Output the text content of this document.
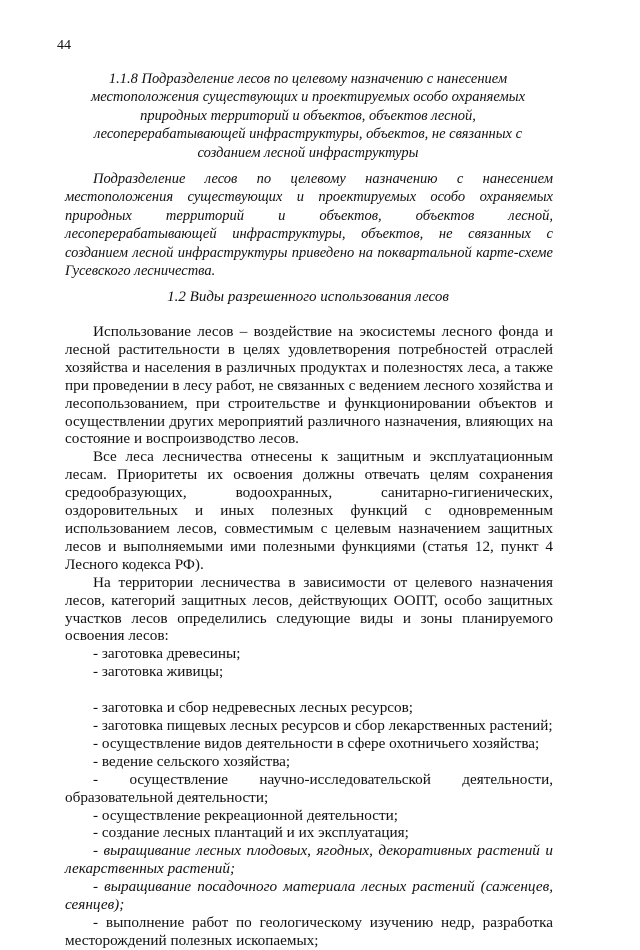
44
1.1.8 Подразделение лесов по целевому назначению с нанесением местоположения существующих и проектируемых особо охраняемых природных территорий и объектов, объектов лесной, лесоперерабатывающей инфраструктуры, объектов, не связанных с созданием лесной инфраструктуры

Подразделение лесов по целевому назначению с нанесением местоположения существующих и проектируемых особо охраняемых природных территорий и объектов, объектов лесной, лесоперерабатывающей инфраструктуры, объектов, не связанных с созданием лесной инфраструктуры приведено на поквартальной карте-схеме Гусевского лесничества.

1.2 Виды разрешенного использования лесов

Использование лесов – воздействие на экосистемы лесного фонда и лесной растительности в целях удовлетворения потребностей отраслей хозяйства и населения в различных продуктах и полезностях леса, а также при проведении в лесу работ, не связанных с ведением лесного хозяйства и лесопользованием, при строительстве и функционировании объектов и осуществлении других мероприятий различного назначения, влияющих на состояние и воспроизводство лесов.

Все леса лесничества отнесены к защитным и эксплуатационным лесам. Приоритеты их освоения должны отвечать целям сохранения средообразующих, водоохранных, санитарно-гигиенических, оздоровительных и иных полезных функций с одновременным использованием лесов, совместимым с целевым назначением защитных лесов и выполняемыми ими полезными функциями (статья 12, пункт 4 Лесного кодекса РФ).

На территории лесничества в зависимости от целевого назначения лесов, категорий защитных лесов, действующих ООПТ, особо защитных участков лесов определились следующие виды и зоны планируемого освоения лесов:

- заготовка древесины;
- заготовка живицы;
- заготовка и сбор недревесных лесных ресурсов;
- заготовка пищевых лесных ресурсов и сбор лекарственных растений;
- осуществление видов деятельности в сфере охотничьего хозяйства;
- ведение сельского хозяйства;
- осуществление научно-исследовательской деятельности, образовательной деятельности;
- осуществление рекреационной деятельности;
- создание лесных плантаций и их эксплуатация;
- выращивание лесных плодовых, ягодных, декоративных растений и лекарственных растений;
- выращивание посадочного материала лесных растений (саженцев, сеянцев);
- выполнение работ по геологическому изучению недр, разработка месторождений полезных ископаемых;
